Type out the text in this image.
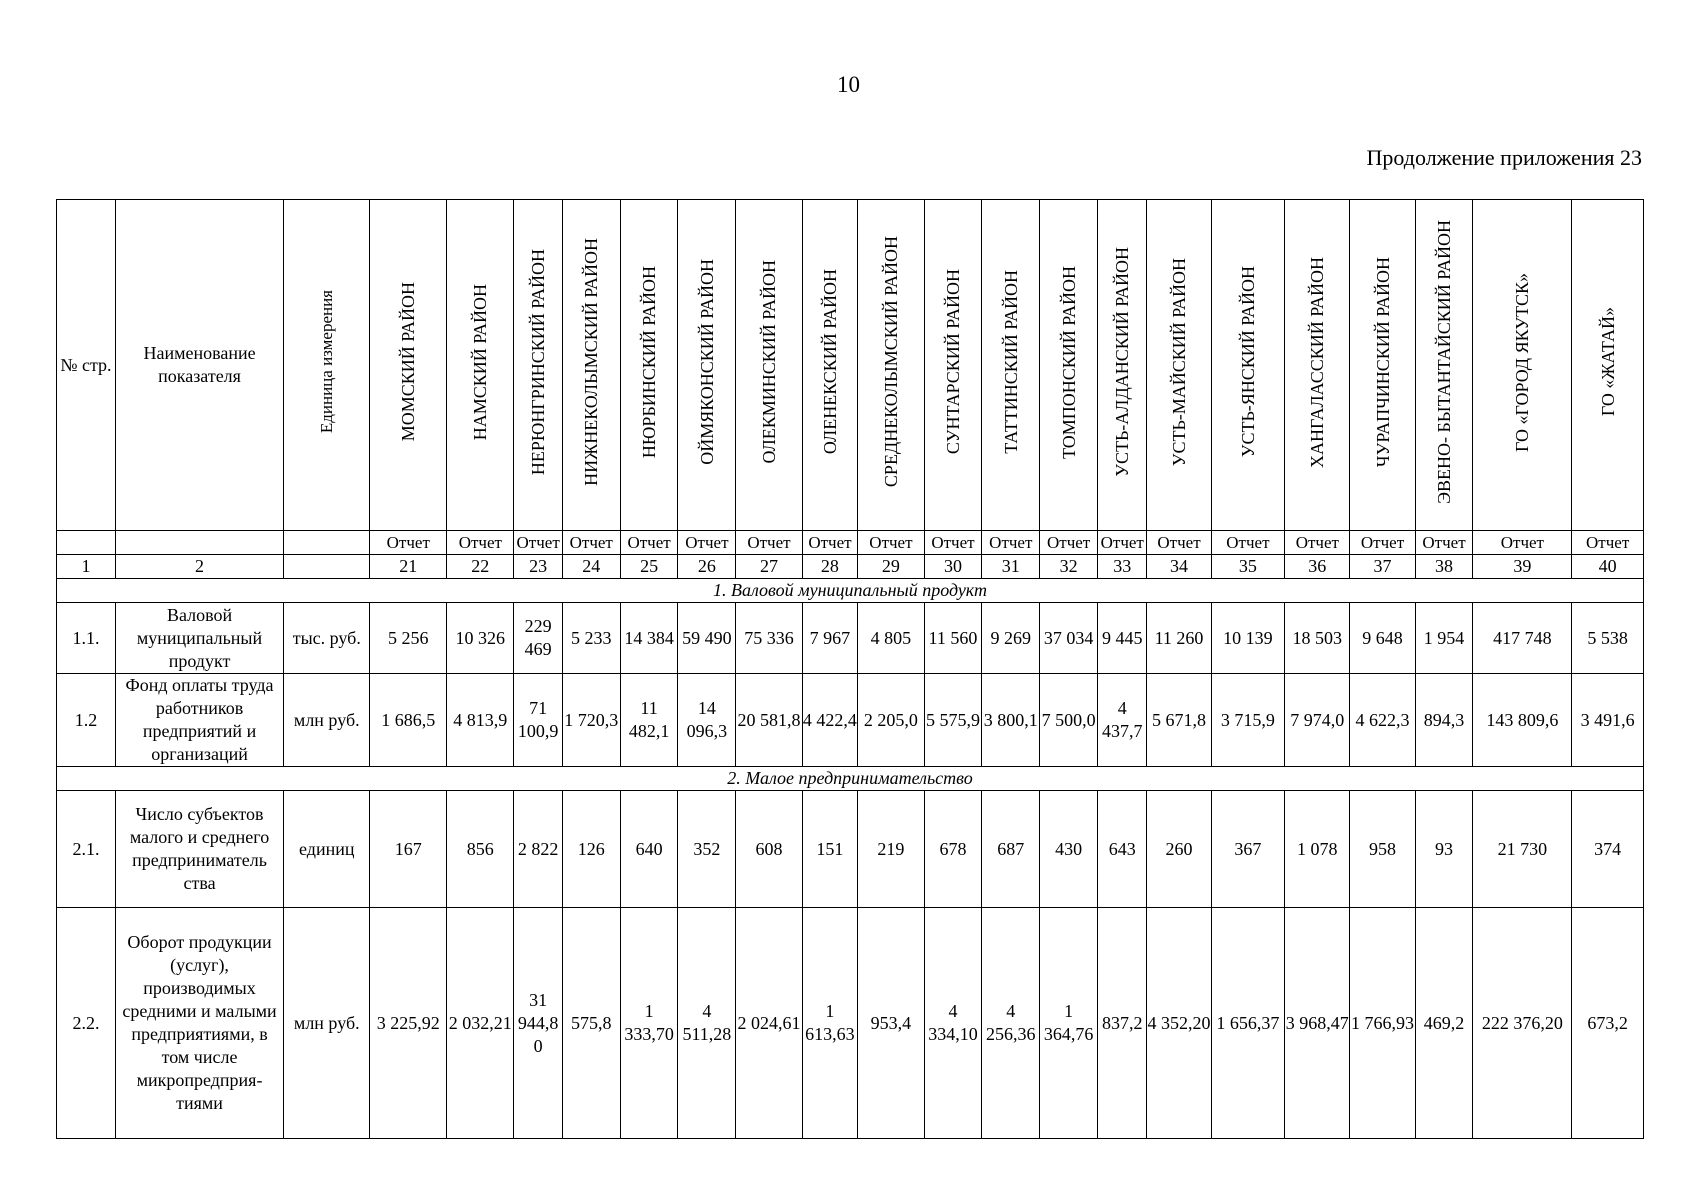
10
Продолжение приложения 23
№ стр.	Наименование показателя	Единица измерения	МОМСКИЙ РАЙОН	НАМСКИЙ РАЙОН	НЕРЮНГРИНСКИЙ РАЙОН	НИЖНЕКОЛЫМСКИЙ РАЙОН	НЮРБИНСКИЙ РАЙОН	ОЙМЯКОНСКИЙ РАЙОН	ОЛЕКМИНСКИЙ РАЙОН	ОЛЕНЕКСКИЙ РАЙОН	СРЕДНЕКОЛЫМСКИЙ РАЙОН	СУНТАРСКИЙ РАЙОН	ТАТТИНСКИЙ РАЙОН	ТОМПОНСКИЙ РАЙОН	УСТЬ-АЛДАНСКИЙ РАЙОН	УСТЬ-МАЙСКИЙ РАЙОН	УСТЬ-ЯНСКИЙ РАЙОН	ХАНГАЛАССКИЙ РАЙОН	ЧУРАПЧИНСКИЙ РАЙОН	ЭВЕНО- БЫТАНТАЙСКИЙ РАЙОН	ГО «ГОРОД ЯКУТСК»	ГО «ЖАТАЙ»
			Отчет	Отчет	Отчет	Отчет	Отчет	Отчет	Отчет	Отчет	Отчет	Отчет	Отчет	Отчет	Отчет	Отчет	Отчет	Отчет	Отчет	Отчет	Отчет	Отчет
1	2		21	22	23	24	25	26	27	28	29	30	31	32	33	34	35	36	37	38	39	40
1. Валовой муниципальный продукт																						
1.1.	Валовой муниципальный продукт	тыс. руб.	5 256	10 326	229 469	5 233	14 384	59 490	75 336	7 967	4 805	11 560	9 269	37 034	9 445	11 260	10 139	18 503	9 648	1 954	417 748	5 538
1.2	Фонд оплаты труда работников предприятий и организаций	млн руб.	1 686,5	4 813,9	71 100,9	1 720,3	11 482,1	14 096,3	20 581,8	4 422,4	2 205,0	5 575,9	3 800,1	7 500,0	4 437,7	5 671,8	3 715,9	7 974,0	4 622,3	894,3	143 809,6	3 491,6
2. Малое предпринимательство																						
2.1.	Число субъектов малого и среднего предприниматель ства	единиц	167	856	2 822	126	640	352	608	151	219	678	687	430	643	260	367	1 078	958	93	21 730	374
2.2.	Оборот продукции (услуг), производимых средними и малыми предприятиями, в том числе микропредприя-тиями	млн руб.	3 225,92	2 032,21	31 944,80	575,8	1 333,70	4 511,28	2 024,61	1 613,63	953,4	4 334,10	4 256,36	1 364,76	837,2	4 352,20	1 656,37	3 968,47	1 766,93	469,2	222 376,20	673,2
